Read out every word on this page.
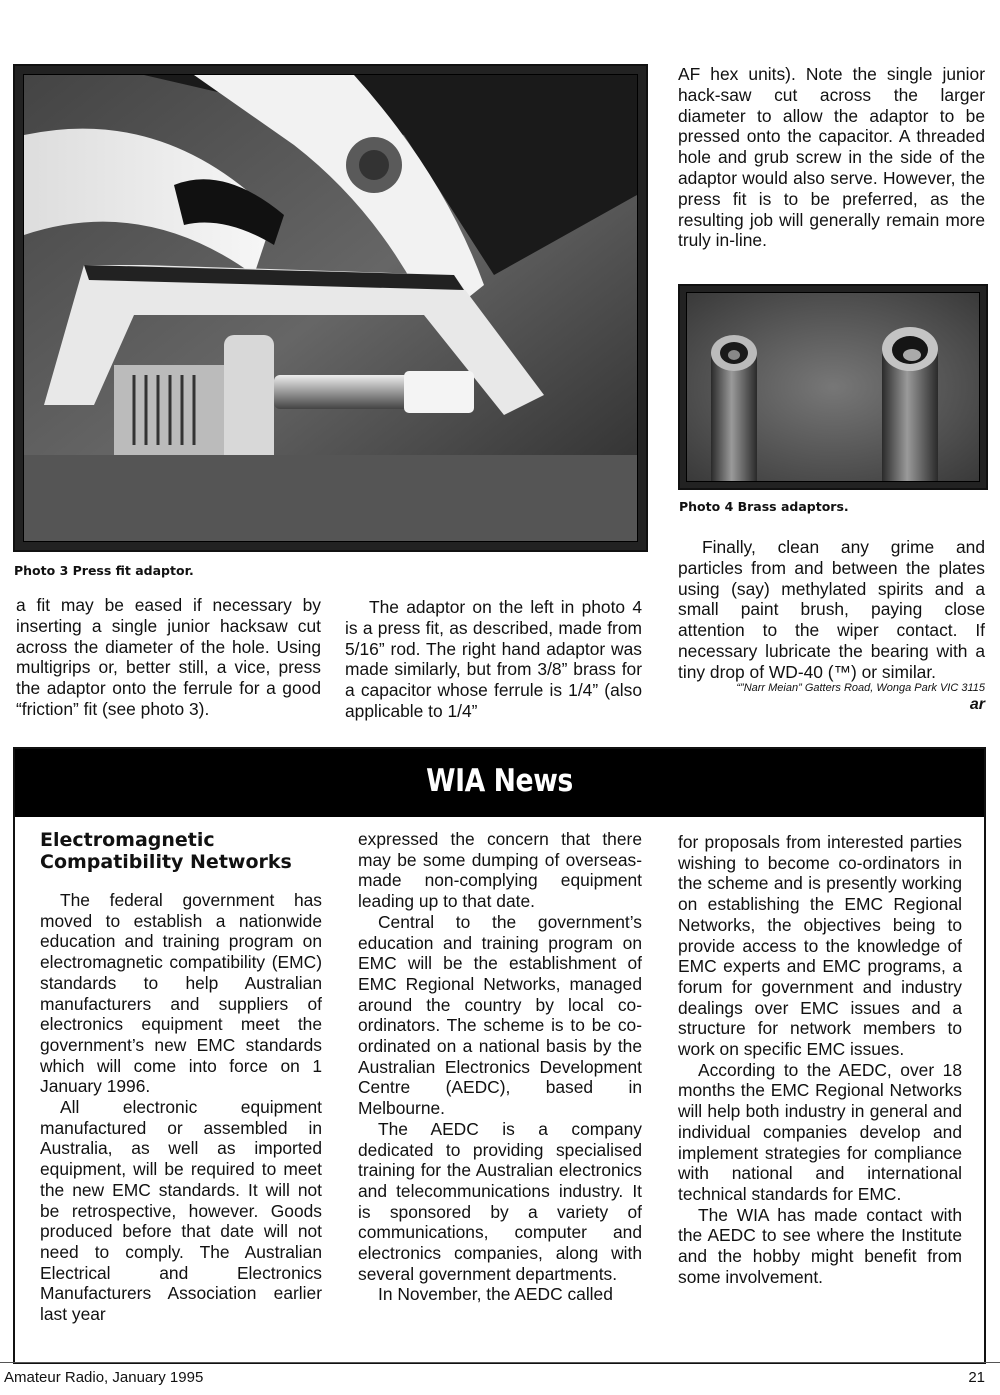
Photo 3 Press fit adaptor.

a fit may be eased if necessary by inserting a single junior hacksaw cut across the diameter of the hole. Using multigrips or, better still, a vice, press the adaptor onto the ferrule for a good “friction” fit (see photo 3).

The adaptor on the left in photo 4 is a press fit, as described, made from 5/16” rod. The right hand adaptor was made similarly, but from 3/8” brass for a capacitor whose ferrule is 1/4” (also applicable to 1/4”

AF hex units). Note the single junior hack-saw cut across the larger diameter to allow the adaptor to be pressed onto the capacitor. A threaded hole and grub screw in the side of the adaptor would also serve. However, the press fit is to be preferred, as the resulting job will generally remain more truly in-line.

Photo 4 Brass adaptors.

Finally, clean any grime and particles from and between the plates using (say) methylated spirits and a small paint brush, paying close attention to the wiper contact. If necessary lubricate the bearing with a tiny drop of WD-40 (™) or similar.

“”Narr Meian” Gatters Road, Wonga Park VIC 3115
ar
WIA News
Electromagnetic
Compatibility Networks

The federal government has moved to establish a nationwide education and training program on electromagnetic compatibility (EMC) standards to help Australian manufacturers and suppliers of electronics equipment meet the government’s new EMC standards which will come into force on 1 January 1996.

All electronic equipment manufactured or assembled in Australia, as well as imported equipment, will be required to meet the new EMC standards. It will not be retrospective, however. Goods produced before that date will not need to comply. The Australian Electrical and Electronics Manufacturers Association earlier last year

expressed the concern that there may be some dumping of overseas-made non-complying equipment leading up to that date.

Central to the government’s education and training program on EMC will be the establishment of EMC Regional Networks, managed around the country by local co-ordinators. The scheme is to be co-ordinated on a national basis by the Australian Electronics Development Centre (AEDC), based in Melbourne.

The AEDC is a company dedicated to providing specialised training for the Australian electronics and telecommunications industry. It is sponsored by a variety of communications, computer and electronics companies, along with several government departments.

In November, the AEDC called

for proposals from interested parties wishing to become co-ordinators in the scheme and is presently working on establishing the EMC Regional Networks, the objectives being to provide access to the knowledge of EMC experts and EMC programs, a forum for government and industry dealings over EMC issues and a structure for network members to work on specific EMC issues.

According to the AEDC, over 18 months the EMC Regional Networks will help both industry in general and individual companies develop and implement strategies for compliance with national and international technical standards for EMC.

The WIA has made contact with the AEDC to see where the Institute and the hobby might benefit from some involvement.

Amateur Radio, January 1995	21
